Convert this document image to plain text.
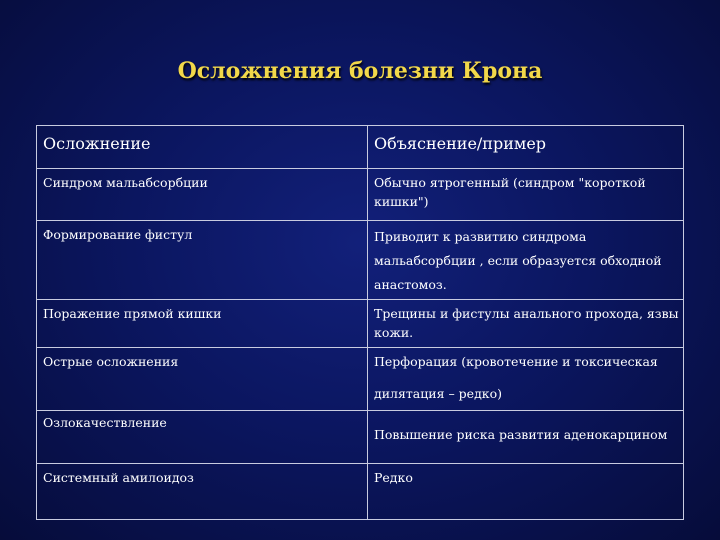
Осложнения болезни Крона
Осложнение	Объяснение/пример

Синдром мальабсорбции	Обычно ятрогенный (синдром "короткой кишки")

Формирование фистул	Приводит к развитию синдрома мальабсорбции , если образуется обходной анастомоз.

Поражение прямой кишки	Трещины и фистулы анального прохода, язвы кожи.

Острые осложнения	Перфорация (кровотечение и токсическая дилятация – редко)

Озлокачествление	Повышение риска развития аденокарцином

Системный амилоидоз	Редко
